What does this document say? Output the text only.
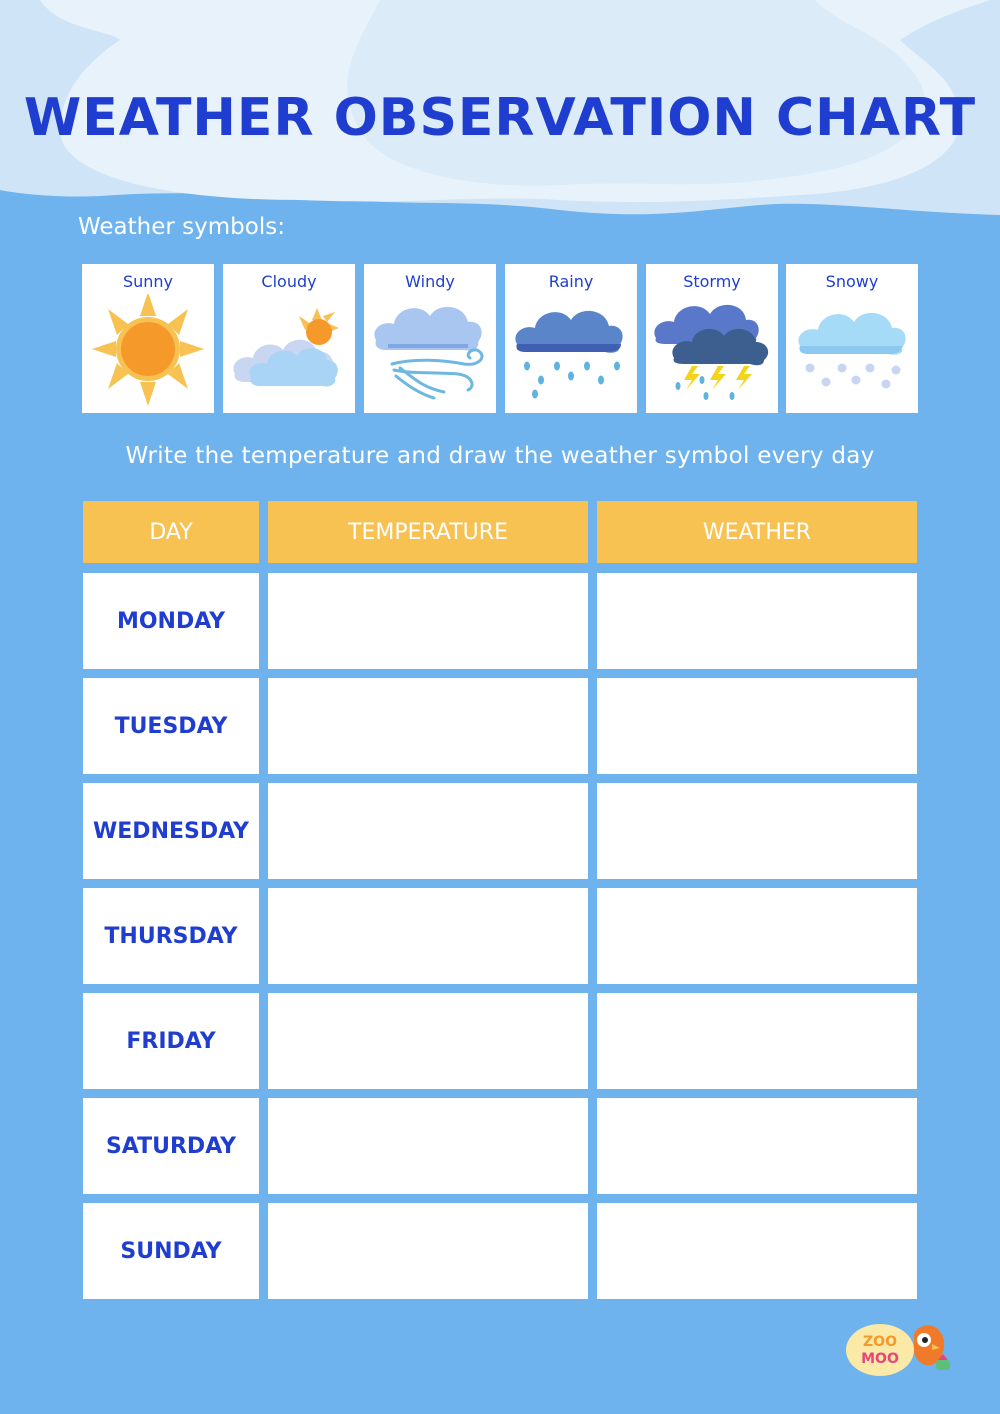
WEATHER OBSERVATION CHART
Weather symbols:
Sunny	Cloudy	Windy	Rainy	Stormy	Snowy
Write the temperature and draw the weather symbol every day
DAY	TEMPERATURE	WEATHER
MONDAY
TUESDAY
WEDNESDAY
THURSDAY
FRIDAY
SATURDAY
SUNDAY
ZOO
MOO
